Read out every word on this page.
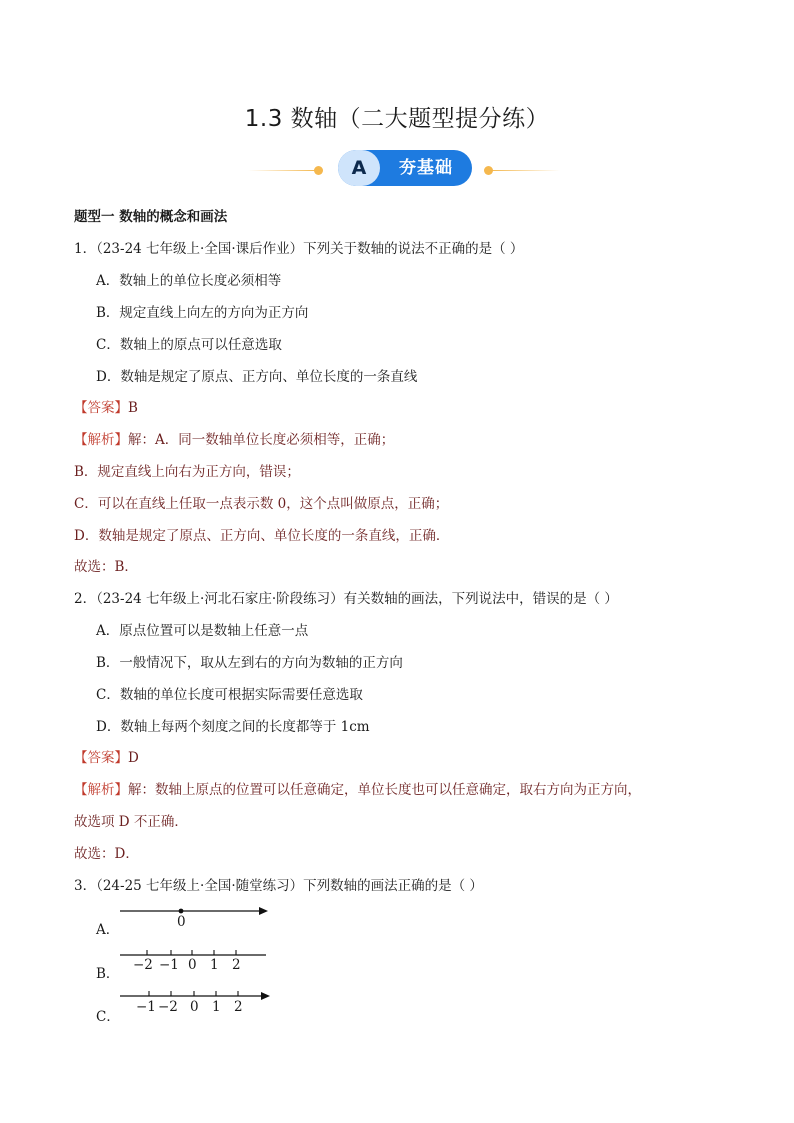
1.3 数轴（二大题型提分练）
A	夯基础
题型一 数轴的概念和画法
1．（23-24 七年级上·全国·课后作业）下列关于数轴的说法不正确的是（ ）
A．数轴上的单位长度必须相等
B．规定直线上向左的方向为正方向
C．数轴上的原点可以任意选取
D．数轴是规定了原点、正方向、单位长度的一条直线
【答案】B
【解析】解：A．同一数轴单位长度必须相等，正确；
B．规定直线上向右为正方向，错误；
C．可以在直线上任取一点表示数 0，这个点叫做原点，正确；
D．数轴是规定了原点、正方向、单位长度的一条直线，正确．
故选：B．
2．（23-24 七年级上·河北石家庄·阶段练习）有关数轴的画法，下列说法中，错误的是（ ）
A．原点位置可以是数轴上任意一点
B．一般情况下，取从左到右的方向为数轴的正方向
C．数轴的单位长度可根据实际需要任意选取
D．数轴上每两个刻度之间的长度都等于 1cm
【答案】D
【解析】解：数轴上原点的位置可以任意确定，单位长度也可以任意确定，取右方向为正方向，
故选项 D 不正确．
故选：D．
3．（24-25 七年级上·全国·随堂练习）下列数轴的画法正确的是（ ）
A．	0
B．
−2 −1 0 1 2
C．
−1 −2 0 1 2
